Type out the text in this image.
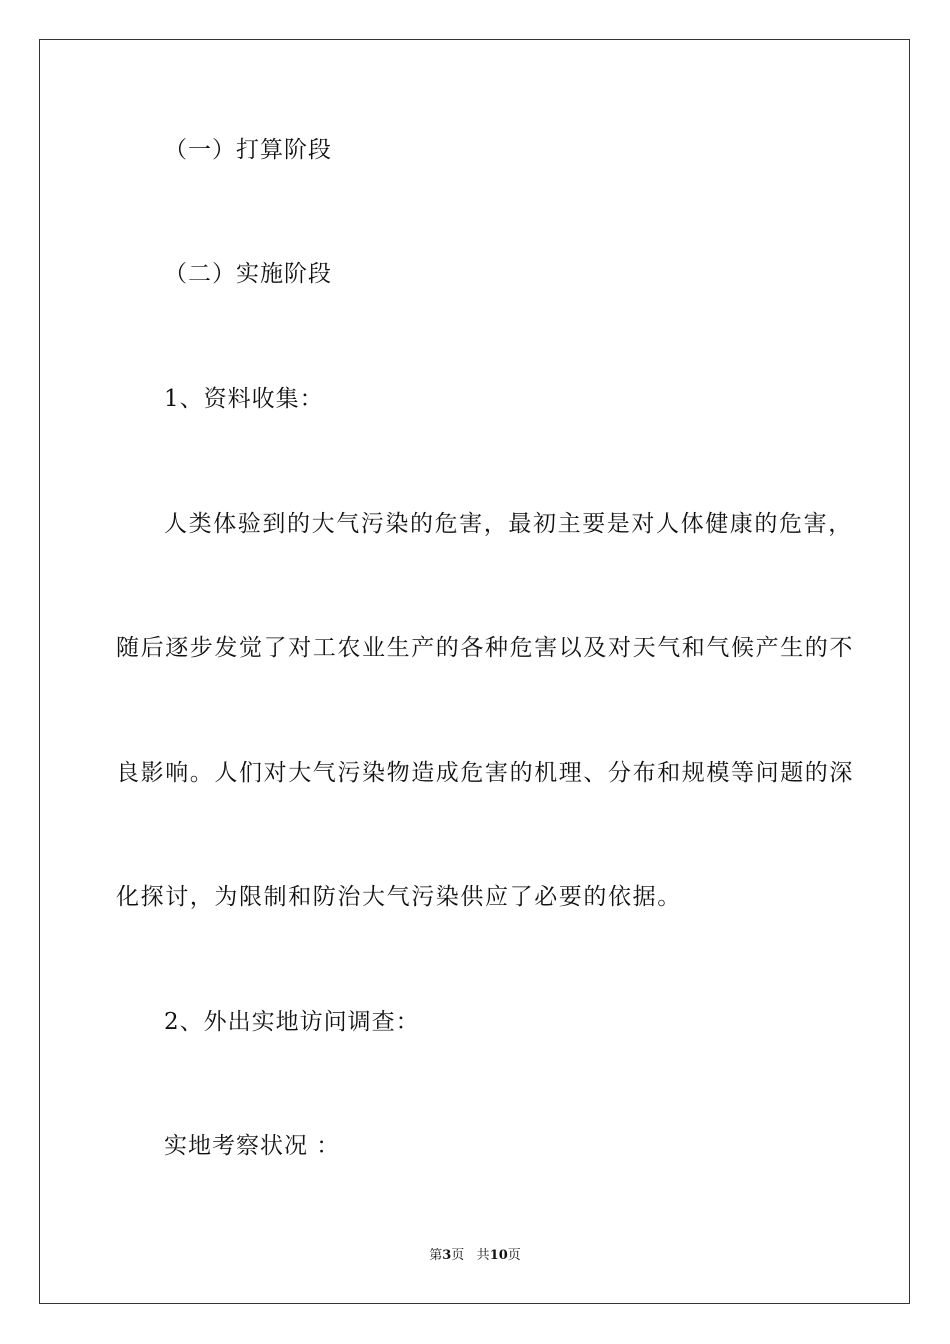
（一）打算阶段
（二）实施阶段
1、资料收集：
人类体验到的大气污染的危害，最初主要是对人体健康的危害，
随后逐步发觉了对工农业生产的各种危害以及对天气和气候产生的不
良影响。人们对大气污染物造成危害的机理、分布和规模等问题的深
化探讨，为限制和防治大气污染供应了必要的依据。
2、外出实地访问调查：
实地考察状况 ：
第3页 共10页
